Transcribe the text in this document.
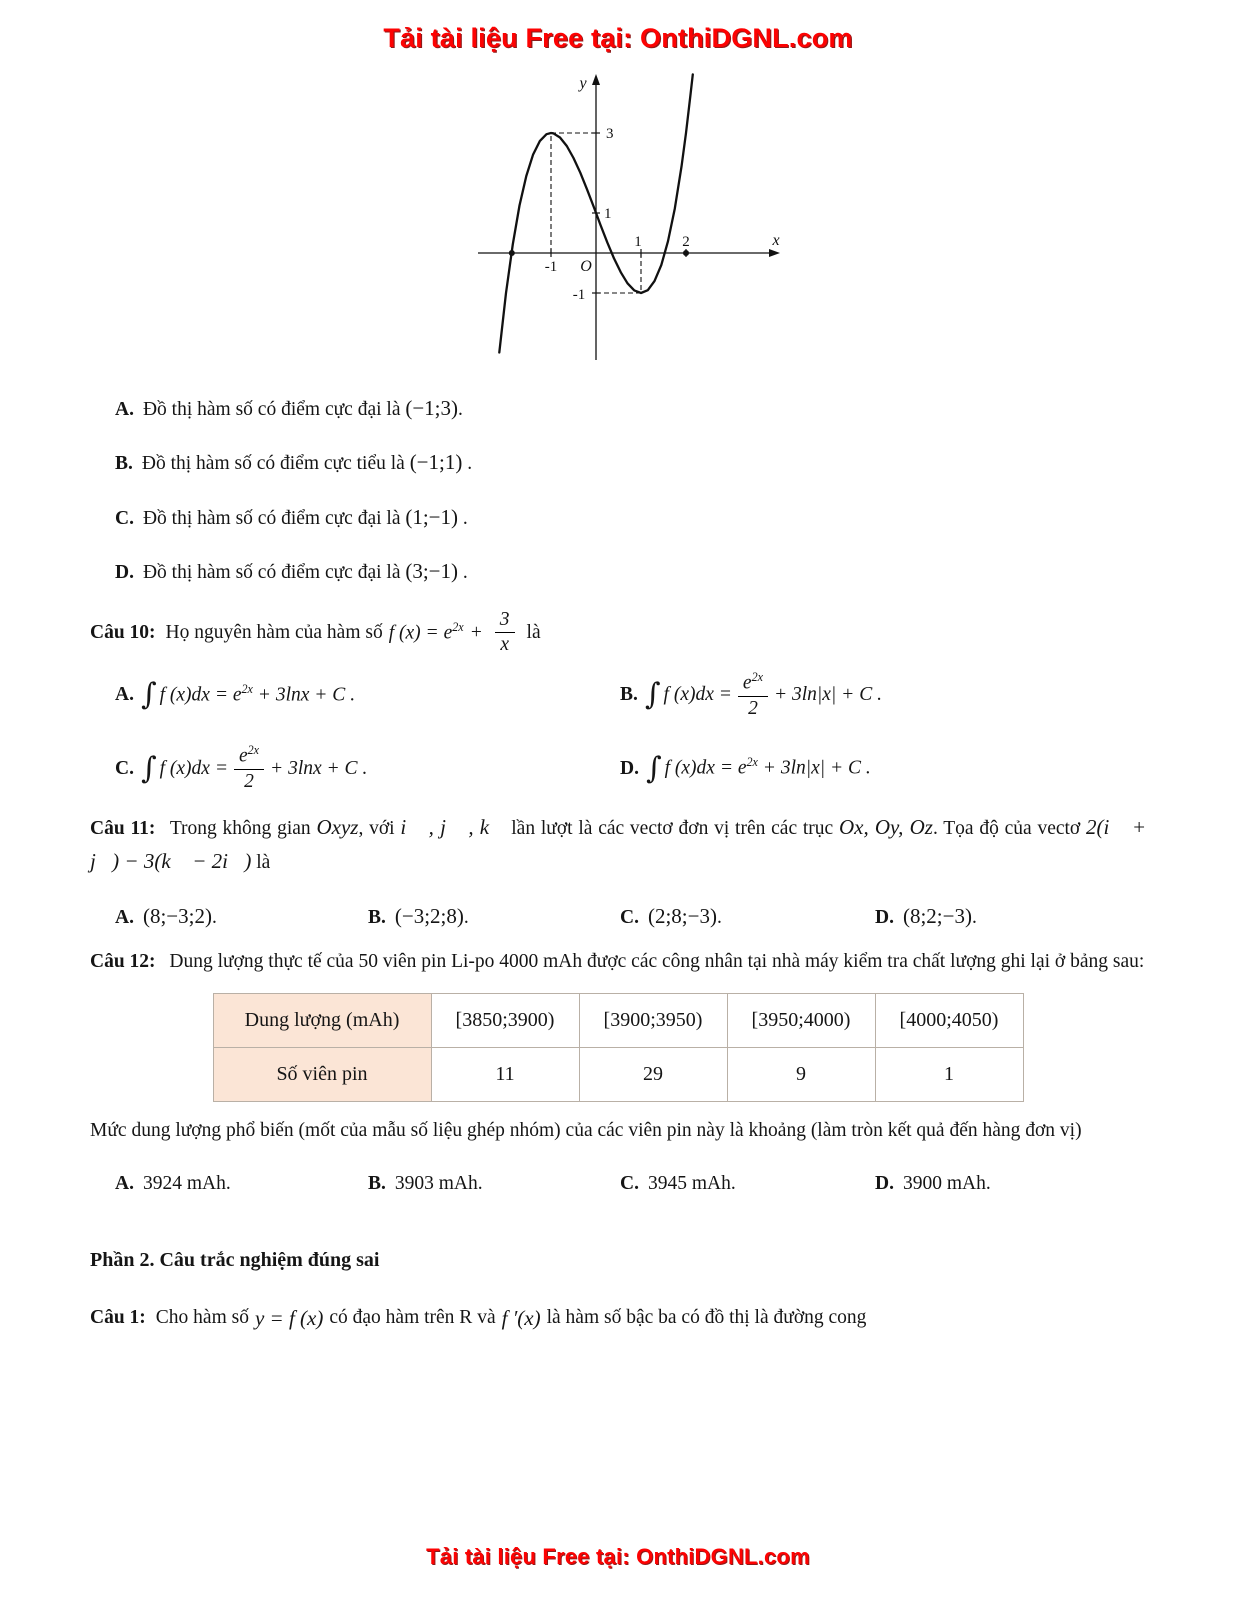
Tải tài liệu Free tại: OnthiDGNL.com
y
x
O
3
1
-1
-1
1	2
A. Đồ thị hàm số có điểm cực đại là (−1;3).
B. Đồ thị hàm số có điểm cực tiểu là (−1;1) .
C. Đồ thị hàm số có điểm cực đại là (1;−1) .
D. Đồ thị hàm số có điểm cực đại là (3;−1) .
Câu 10: Họ nguyên hàm của hàm số f $(x) = e^{2x} + \frac{3}{x}$ là
A. ∫ f $(x)dx = e^{2x} + 3\ln x + C$ .	B. ∫ f $(x)dx = \frac{e^{2x}}{2} + 3\ln|x| + C$ .
C. ∫ f $(x)dx = \frac{e^{2x}}{2} + 3\ln x + C$ .	D. ∫ f $(x)dx = e^{2x} + 3\ln|x| + C$ .
Câu 11: Trong không gian Oxyz, với i⃗ , j⃗ , k⃗ lần lượt là các vectơ đơn vị trên các trục Ox, Oy, Oz. Tọa độ của vectơ 2(i⃗ + j⃗) − 3(k⃗ − 2i⃗) là
A. (8;−3;2).	B. (−3;2;8).	C. (2;8;−3).	D. (8;2;−3).
Câu 12: Dung lượng thực tế của 50 viên pin Li-po 4000 mAh được các công nhân tại nhà máy kiểm tra chất lượng ghi lại ở bảng sau:
Dung lượng (mAh)	[3850;3900)	[3900;3950)	[3950;4000)	[4000;4050)
Số viên pin	11	29	9	1
Mức dung lượng phổ biến (mốt của mẫu số liệu ghép nhóm) của các viên pin này là khoảng (làm tròn kết quả đến hàng đơn vị)
A. 3924 mAh.	B. 3903 mAh.	C. 3945 mAh.	D. 3900 mAh.
Phần 2. Câu trắc nghiệm đúng sai
Câu 1: Cho hàm số y = f (x) có đạo hàm trên R và f ′(x) là hàm số bậc ba có đồ thị là đường cong
Tải tài liệu Free tại: OnthiDGNL.com
